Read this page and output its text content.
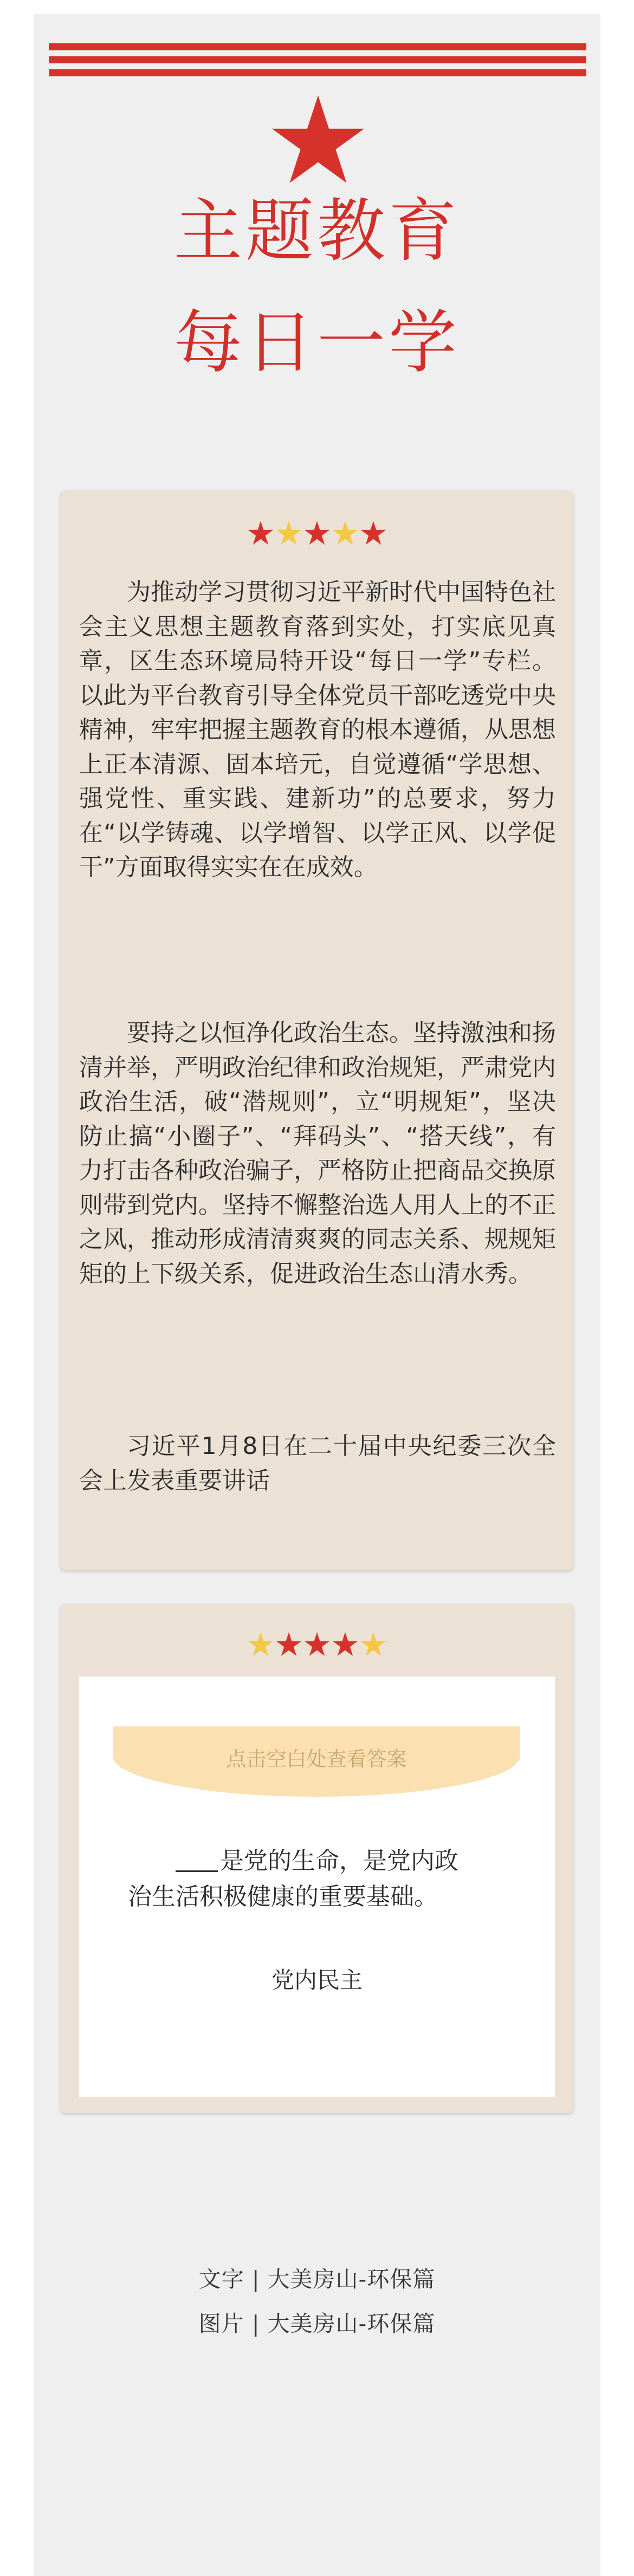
主题教育
每日一学

为推动学习贯彻习近平新时代中国特色社会主义思想主题教育落到实处，打实底见真章，区生态环境局特开设“每日一学”专栏。以此为平台教育引导全体党员干部吃透党中央精神，牢牢把握主题教育的根本遵循，从思想上正本清源、固本培元，自觉遵循“学思想、强党性、重实践、建新功”的总要求，努力在“以学铸魂、以学增智、以学正风、以学促干”方面取得实实在在成效。

要持之以恒净化政治生态。坚持激浊和扬清并举，严明政治纪律和政治规矩，严肃党内政治生活，破“潜规则”，立“明规矩”，坚决防止搞“小圈子”、“拜码头”、“搭天线”，有力打击各种政治骗子，严格防止把商品交换原则带到党内。坚持不懈整治选人用人上的不正之风，推动形成清清爽爽的同志关系、规规矩矩的上下级关系，促进政治生态山清水秀。

习近平1月8日在二十届中央纪委三次全会上发表重要讲话

点击空白处查看答案

是党的生命，是党内政
治生活积极健康的重要基础。

党内民主
文字 | 大美房山-环保篇
图片 | 大美房山-环保篇
